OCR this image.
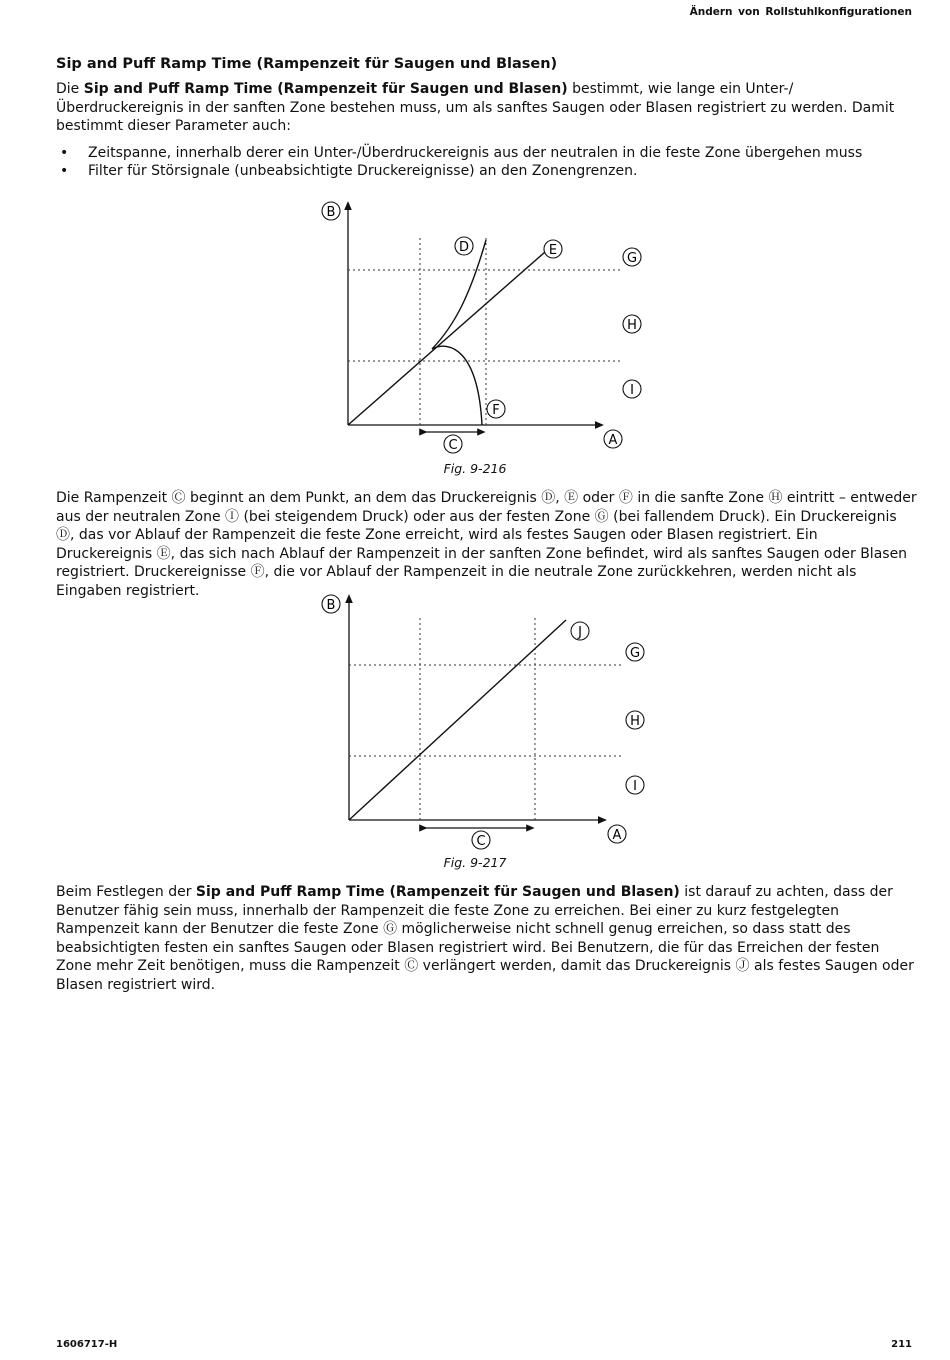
Ändern von Rollstuhlkonfigurationen
Sip and Puff Ramp Time (Rampenzeit für Saugen und Blasen)

Die Sip and Puff Ramp Time (Rampenzeit für Saugen und Blasen) bestimmt, wie lange ein Unter-/Überdruckereignis in der sanften Zone bestehen muss, um als sanftes Saugen oder Blasen registriert zu werden. Damit bestimmt dieser Parameter auch:

• Zeitspanne, innerhalb derer ein Unter-/Überdruckereignis aus der neutralen in die feste Zone übergehen muss
• Filter für Störsignale (unbeabsichtigte Druckereignisse) an den Zonengrenzen.
B
D	E
G
H
I
F
C	A
Fig. 9-216

Die Rampenzeit Ⓒ beginnt an dem Punkt, an dem das Druckereignis Ⓓ, Ⓔ oder Ⓕ in die sanfte Zone Ⓗ eintritt – entweder aus der neutralen Zone Ⓘ (bei steigendem Druck) oder aus der festen Zone Ⓖ (bei fallendem Druck). Ein Druckereignis Ⓓ, das vor Ablauf der Rampenzeit die feste Zone erreicht, wird als festes Saugen oder Blasen registriert. Ein Druckereignis Ⓔ, das sich nach Ablauf der Rampenzeit in der sanften Zone befindet, wird als sanftes Saugen oder Blasen registriert. Druckereignisse Ⓕ, die vor Ablauf der Rampenzeit in die neutrale Zone zurückkehren, werden nicht als Eingaben registriert.

B
J
G
H
I
C	A
Fig. 9-217

Beim Festlegen der Sip and Puff Ramp Time (Rampenzeit für Saugen und Blasen) ist darauf zu achten, dass der Benutzer fähig sein muss, innerhalb der Rampenzeit die feste Zone zu erreichen. Bei einer zu kurz festgelegten Rampenzeit kann der Benutzer die feste Zone Ⓖ möglicherweise nicht schnell genug erreichen, so dass statt des beabsichtigten festen ein sanftes Saugen oder Blasen registriert wird. Bei Benutzern, die für das Erreichen der festen Zone mehr Zeit benötigen, muss die Rampenzeit Ⓒ verlängert werden, damit das Druckereignis Ⓙ als festes Saugen oder Blasen registriert wird.

1606717-H	211
